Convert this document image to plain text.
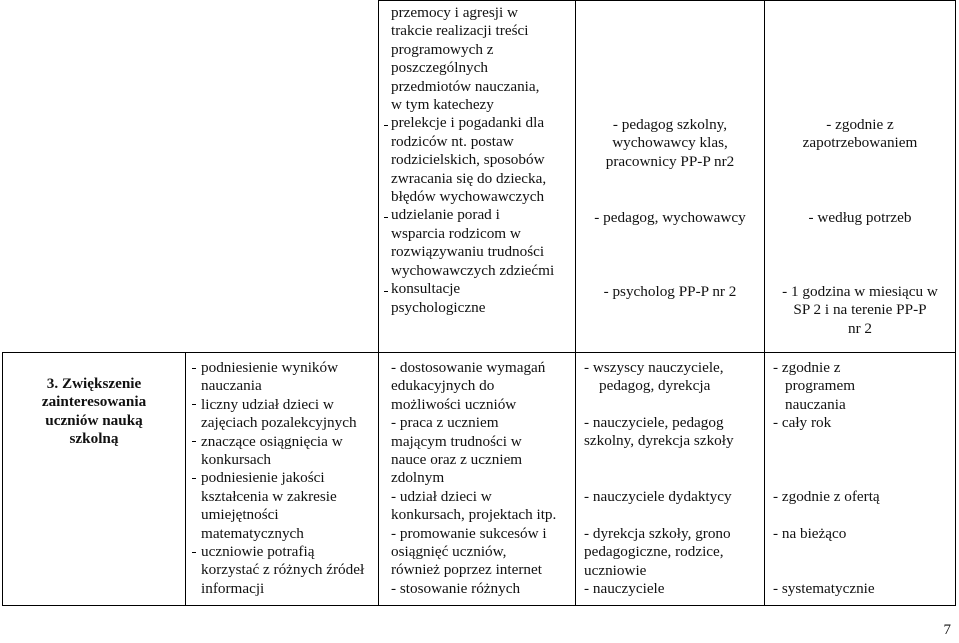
przemocy i agresji w

trakcie realizacji treści

programowych z

poszczególnych

przedmiotów nauczania,

w tym katechezy

prelekcje i pogadanki dla

rodziców nt. postaw

rodzicielskich, sposobów

zwracania się do dziecka,

błędów wychowawczych

udzielanie porad i

wsparcia rodzicom w

rozwiązywaniu trudności

wychowawczych zdziećmi

konsultacje

psychologiczne

- pedagog szkolny,

wychowawcy klas,

pracownicy PP-P nr2

- pedagog, wychowawcy

- psycholog PP-P nr 2

- zgodnie z

zapotrzebowaniem

- według potrzeb

- 1 godzina w miesiącu w

SP 2 i na terenie PP-P

nr 2

3. Zwiększenie

zainteresowania

uczniów nauką

szkolną

podniesienie wyników

nauczania

liczny udział dzieci w

zajęciach pozalekcyjnych

znaczące osiągnięcia w

konkursach

podniesienie jakości

kształcenia w zakresie

umiejętności

matematycznych

uczniowie potrafią

korzystać z różnych źródeł

informacji

- dostosowanie wymagań

edukacyjnych do

możliwości uczniów

- praca z uczniem

mającym trudności w

nauce oraz z uczniem

zdolnym

- udział dzieci w

konkursach, projektach itp.

- promowanie sukcesów i

osiągnięć uczniów,

również poprzez internet

- stosowanie różnych

- wszyscy nauczyciele,

pedagog, dyrekcja

- nauczyciele, pedagog

szkolny, dyrekcja szkoły

- nauczyciele dydaktycy

- dyrekcja szkoły, grono

pedagogiczne, rodzice,

uczniowie

- nauczyciele

- zgodnie z

programem

nauczania

- cały rok

- zgodnie z ofertą

- na bieżąco

- systematycznie

7
